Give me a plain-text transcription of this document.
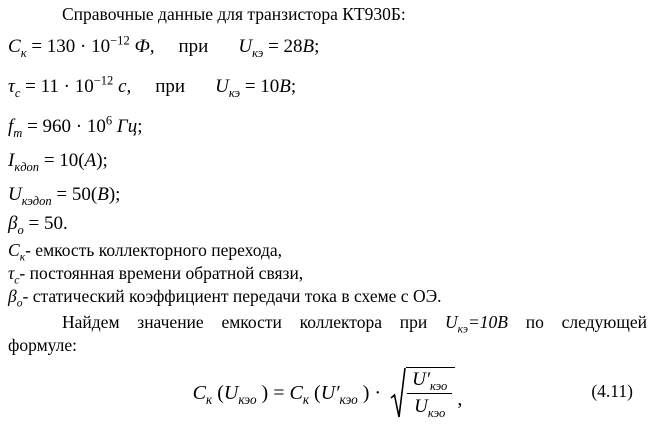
Справочные данные для транзистора КТ930Б:

$C_к = 130 \cdot 10^{-12}$ Ф, при $U_{кэ} = 28В$;
$\tau_с = 11 \cdot 10^{-12}$ с, при $U_{кэ} = 10В$;
$f_т = 960 \cdot 10^6$ Гц;
$I_{кдоп} = 10(А)$;
$U_{кэдоп} = 50(В)$;
$\beta_о = 50$.

$C_к-$ емкость коллекторного перехода,

$\tau_с-$ постоянная времени обратной связи,

$\beta_о-$ статический коэффициент передачи тока в схеме с ОЭ.

Найдем значение емкости коллектора при $U_{кэ}=10В$ по следующей

формуле:

$C_к$ ($U_{кэо}$ ) = $C_к$ ($U'_{кэо}$ ) ·
$U'_{кэо}$
$U_{кэо}$
,	(4.11)
